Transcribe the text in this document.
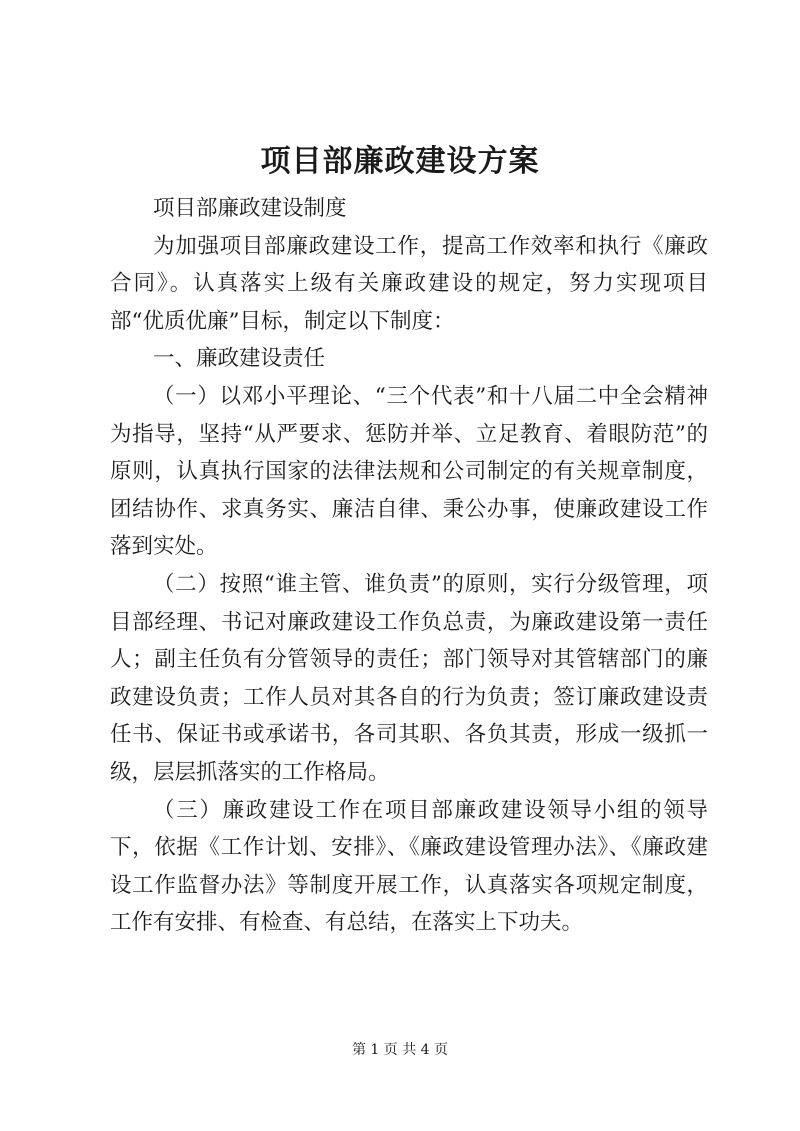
项目部廉政建设方案

项目部廉政建设制度

为加强项目部廉政建设工作，提高工作效率和执行《廉政合同》。认真落实上级有关廉政建设的规定，努力实现项目部“优质优廉”目标，制定以下制度：

一、廉政建设责任

（一）以邓小平理论、“三个代表”和十八届二中全会精神为指导，坚持“从严要求、惩防并举、立足教育、着眼防范”的原则，认真执行国家的法律法规和公司制定的有关规章制度，团结协作、求真务实、廉洁自律、秉公办事，使廉政建设工作落到实处。

（二）按照“谁主管、谁负责”的原则，实行分级管理，项目部经理、书记对廉政建设工作负总责，为廉政建设第一责任人；副主任负有分管领导的责任；部门领导对其管辖部门的廉政建设负责；工作人员对其各自的行为负责；签订廉政建设责任书、保证书或承诺书，各司其职、各负其责，形成一级抓一级，层层抓落实的工作格局。

（三）廉政建设工作在项目部廉政建设领导小组的领导下，依据《工作计划、安排》、《廉政建设管理办法》、《廉政建设工作监督办法》等制度开展工作，认真落实各项规定制度，工作有安排、有检查、有总结，在落实上下功夫。

第 1 页 共 4 页
